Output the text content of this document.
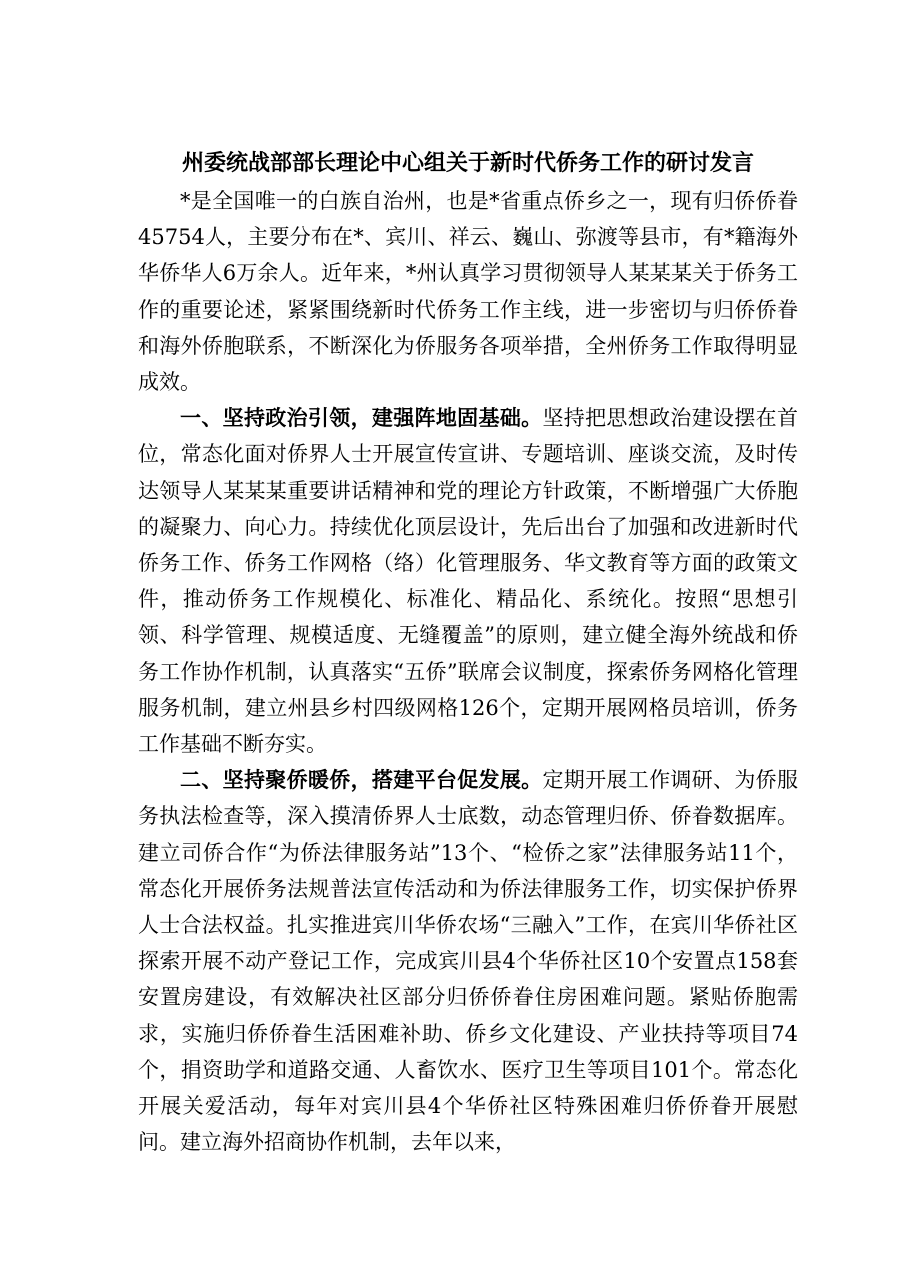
州委统战部部长理论中心组关于新时代侨务工作的研讨发言

*是全国唯一的白族自治州，也是*省重点侨乡之一，现有归侨侨眷45754人，主要分布在*、宾川、祥云、巍山、弥渡等县市，有*籍海外华侨华人6万余人。近年来，*州认真学习贯彻领导人某某某关于侨务工作的重要论述，紧紧围绕新时代侨务工作主线，进一步密切与归侨侨眷和海外侨胞联系，不断深化为侨服务各项举措，全州侨务工作取得明显成效。

一、坚持政治引领，建强阵地固基础。坚持把思想政治建设摆在首位，常态化面对侨界人士开展宣传宣讲、专题培训、座谈交流，及时传达领导人某某某重要讲话精神和党的理论方针政策，不断增强广大侨胞的凝聚力、向心力。持续优化顶层设计，先后出台了加强和改进新时代侨务工作、侨务工作网格（络）化管理服务、华文教育等方面的政策文件，推动侨务工作规模化、标准化、精品化、系统化。按照“思想引领、科学管理、规模适度、无缝覆盖”的原则，建立健全海外统战和侨务工作协作机制，认真落实“五侨”联席会议制度，探索侨务网格化管理服务机制，建立州县乡村四级网格126个，定期开展网格员培训，侨务工作基础不断夯实。

二、坚持聚侨暖侨，搭建平台促发展。定期开展工作调研、为侨服务执法检查等，深入摸清侨界人士底数，动态管理归侨、侨眷数据库。建立司侨合作“为侨法律服务站”13个、“检侨之家”法律服务站11个，常态化开展侨务法规普法宣传活动和为侨法律服务工作，切实保护侨界人士合法权益。扎实推进宾川华侨农场“三融入”工作，在宾川华侨社区探索开展不动产登记工作，完成宾川县4个华侨社区10个安置点158套安置房建设，有效解决社区部分归侨侨眷住房困难问题。紧贴侨胞需求，实施归侨侨眷生活困难补助、侨乡文化建设、产业扶持等项目74个，捐资助学和道路交通、人畜饮水、医疗卫生等项目101个。常态化开展关爱活动，每年对宾川县4个华侨社区特殊困难归侨侨眷开展慰问。建立海外招商协作机制，去年以来，
